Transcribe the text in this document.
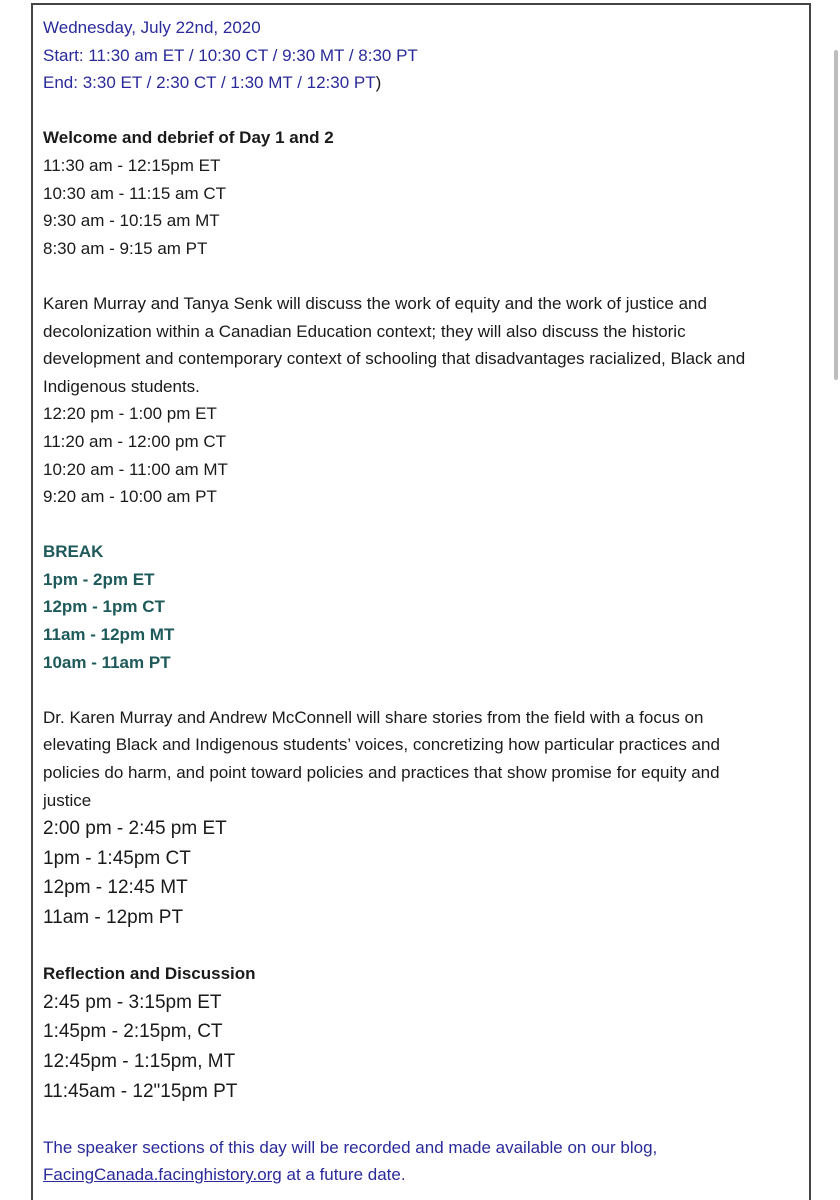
Wednesday, July 22nd, 2020
Start: 11:30 am ET / 10:30 CT / 9:30 MT / 8:30 PT
End: 3:30 ET / 2:30 CT / 1:30 MT / 12:30 PT)
Welcome and debrief of Day 1 and 2
11:30 am - 12:15pm ET
10:30 am - 11:15 am CT
9:30 am - 10:15 am MT
8:30 am - 9:15 am PT
Karen Murray and Tanya Senk will discuss the work of equity and the work of justice and
decolonization within a Canadian Education context; they will also discuss the historic
development and contemporary context of schooling that disadvantages racialized, Black and
Indigenous students.
12:20 pm - 1:00 pm ET
11:20 am - 12:00 pm CT
10:20 am - 11:00 am MT
9:20 am - 10:00 am PT
BREAK
1pm - 2pm ET
12pm - 1pm CT
11am - 12pm MT
10am - 11am PT
Dr. Karen Murray and Andrew McConnell will share stories from the field with a focus on
elevating Black and Indigenous students’ voices, concretizing how particular practices and
policies do harm, and point toward policies and practices that show promise for equity and
justice
2:00 pm - 2:45 pm ET
1pm - 1:45pm CT
12pm - 12:45 MT
11am - 12pm PT
Reflection and Discussion
2:45 pm - 3:15pm ET
1:45pm - 2:15pm, CT
12:45pm - 1:15pm, MT
11:45am - 12"15pm PT
The speaker sections of this day will be recorded and made available on our blog,
FacingCanada.facinghistory.org at a future date.
